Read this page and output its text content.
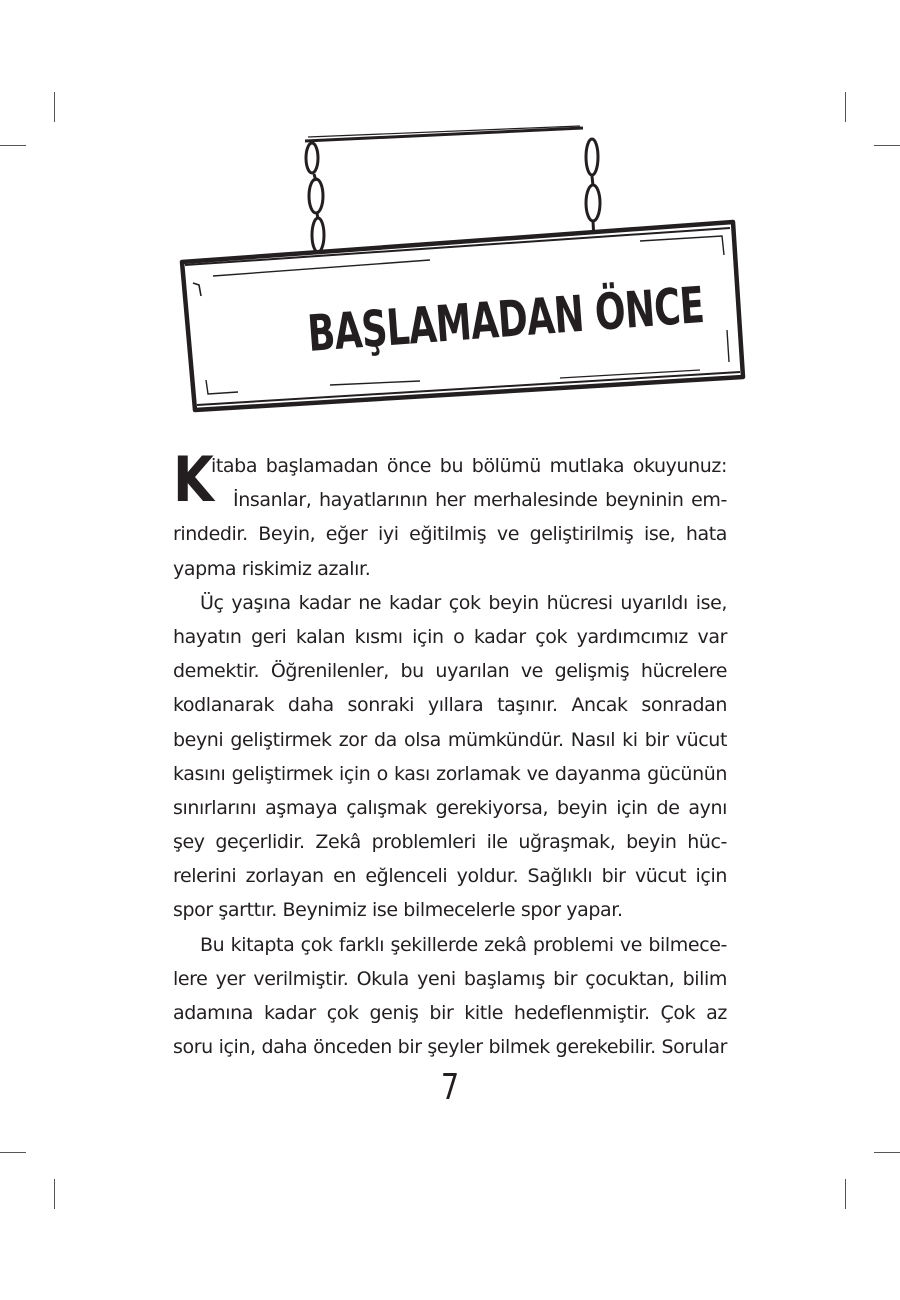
BAŞLAMADAN ÖNCE
K
itaba başlamadan önce bu bölümü mutlaka okuyunuz:
İnsanlar, hayatlarının her merhalesinde beyninin em-
rindedir. Beyin, eğer iyi eğitilmiş ve geliştirilmiş ise, hata
yapma riskimiz azalır.
Üç yaşına kadar ne kadar çok beyin hücresi uyarıldı ise,
hayatın geri kalan kısmı için o kadar çok yardımcımız var
demektir. Öğrenilenler, bu uyarılan ve gelişmiş hücrelere
kodlanarak daha sonraki yıllara taşınır. Ancak sonradan
beyni geliştirmek zor da olsa mümkündür. Nasıl ki bir vücut
kasını geliştirmek için o kası zorlamak ve dayanma gücünün
sınırlarını aşmaya çalışmak gerekiyorsa, beyin için de aynı
şey geçerlidir. Zekâ problemleri ile uğraşmak, beyin hüc-
relerini zorlayan en eğlenceli yoldur. Sağlıklı bir vücut için
spor şarttır. Beynimiz ise bilmecelerle spor yapar.
Bu kitapta çok farklı şekillerde zekâ problemi ve bilmece-
lere yer verilmiştir. Okula yeni başlamış bir çocuktan, bilim
adamına kadar çok geniş bir kitle hedeflenmiştir. Çok az
soru için, daha önceden bir şeyler bilmek gerekebilir. Sorular
7
